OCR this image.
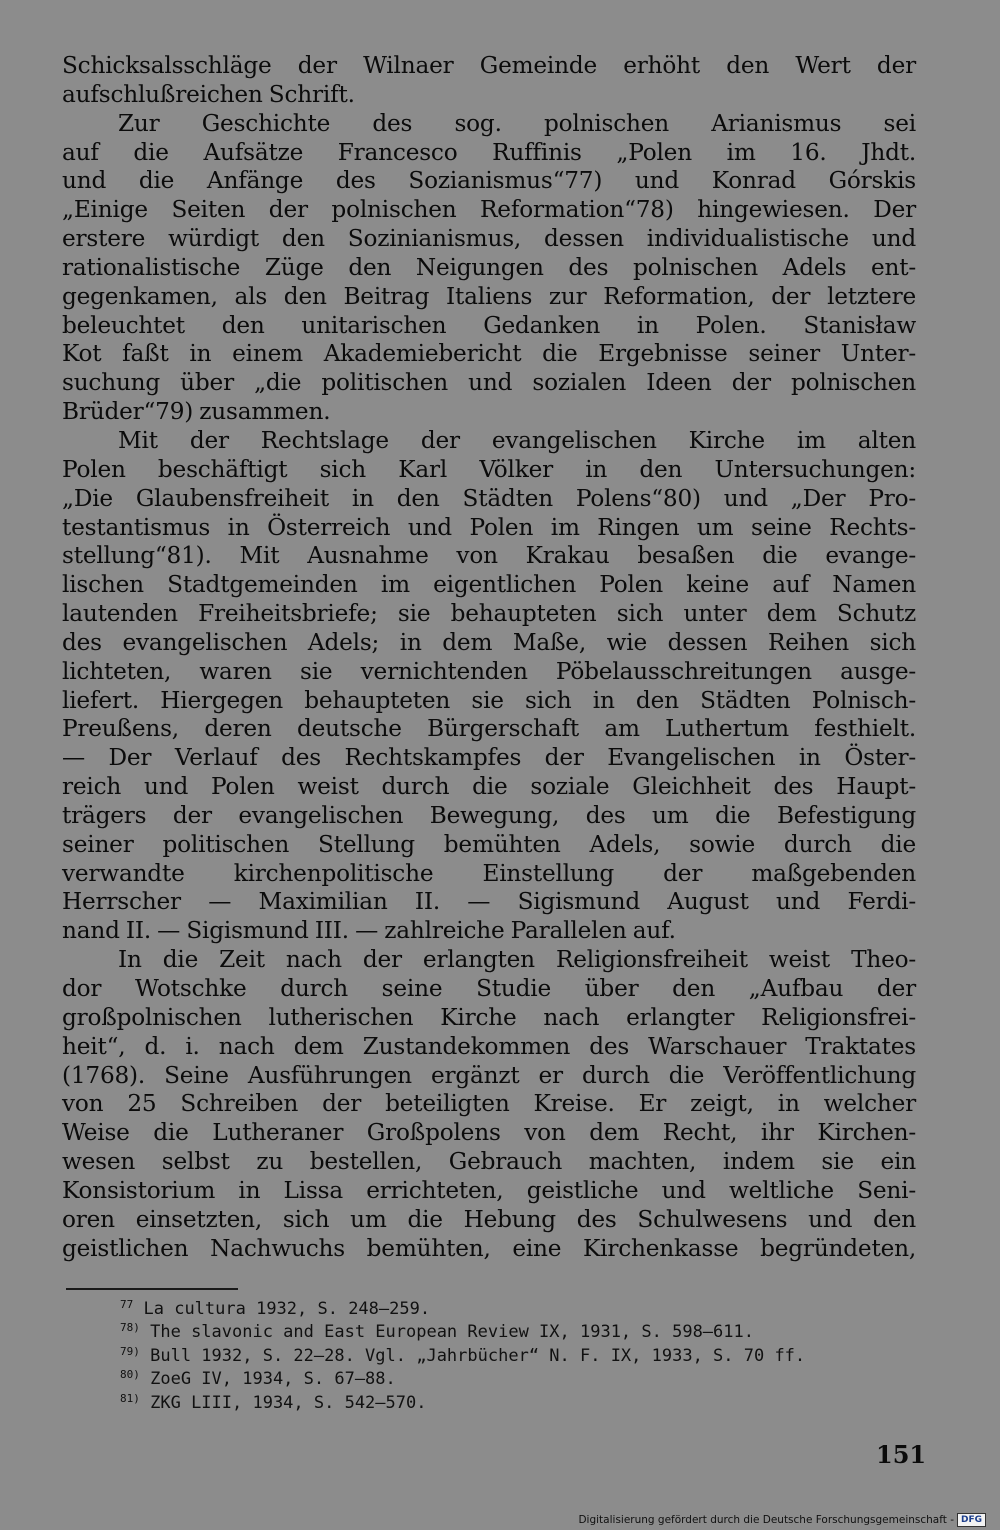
Schicksalsschläge der Wilnaer Gemeinde erhöht den Wert der
aufschlußreichen Schrift.

Zur Geschichte des sog. polnischen Arianismus sei
auf die Aufsätze Francesco Ruffinis „Polen im 16. Jhdt.
und die Anfänge des Sozianismus“77) und Konrad Górskis
„Einige Seiten der polnischen Reformation“78) hingewiesen. Der
erstere würdigt den Sozinianismus, dessen individualistische und
rationalistische Züge den Neigungen des polnischen Adels ent-
gegenkamen, als den Beitrag Italiens zur Reformation, der letztere
beleuchtet den unitarischen Gedanken in Polen. Stanisław
Kot faßt in einem Akademiebericht die Ergebnisse seiner Unter-
suchung über „die politischen und sozialen Ideen der polnischen
Brüder“79) zusammen.

Mit der Rechtslage der evangelischen Kirche im alten
Polen beschäftigt sich Karl Völker in den Untersuchungen:
„Die Glaubensfreiheit in den Städten Polens“80) und „Der Pro-
testantismus in Österreich und Polen im Ringen um seine Rechts-
stellung“81). Mit Ausnahme von Krakau besaßen die evange-
lischen Stadtgemeinden im eigentlichen Polen keine auf Namen
lautenden Freiheitsbriefe; sie behaupteten sich unter dem Schutz
des evangelischen Adels; in dem Maße, wie dessen Reihen sich
lichteten, waren sie vernichtenden Pöbelausschreitungen ausge-
liefert. Hiergegen behaupteten sie sich in den Städten Polnisch-
Preußens, deren deutsche Bürgerschaft am Luthertum festhielt.
— Der Verlauf des Rechtskampfes der Evangelischen in Öster-
reich und Polen weist durch die soziale Gleichheit des Haupt-
trägers der evangelischen Bewegung, des um die Befestigung
seiner politischen Stellung bemühten Adels, sowie durch die
verwandte kirchenpolitische Einstellung der maßgebenden
Herrscher — Maximilian II. — Sigismund August und Ferdi-
nand II. — Sigismund III. — zahlreiche Parallelen auf.

In die Zeit nach der erlangten Religionsfreiheit weist Theo-
dor Wotschke durch seine Studie über den „Aufbau der
großpolnischen lutherischen Kirche nach erlangter Religionsfrei-
heit“, d. i. nach dem Zustandekommen des Warschauer Traktates
(1768). Seine Ausführungen ergänzt er durch die Veröffentlichung
von 25 Schreiben der beteiligten Kreise. Er zeigt, in welcher
Weise die Lutheraner Großpolens von dem Recht, ihr Kirchen-
wesen selbst zu bestellen, Gebrauch machten, indem sie ein
Konsistorium in Lissa errichteten, geistliche und weltliche Seni-
oren einsetzten, sich um die Hebung des Schulwesens und den
geistlichen Nachwuchs bemühten, eine Kirchenkasse begründeten,

$^{77}$ La cultura 1932, S. 248—259.
$^{78)}$ The slavonic and East European Review IX, 1931, S. 598—611.
$^{79)}$ Bull 1932, S. 22—28. Vgl. „Jahrbücher“ N. F. IX, 1933, S. 70 ff.
$^{80)}$ ZoeG IV, 1934, S. 67—88.
$^{81)}$ ZKG LIII, 1934, S. 542—570.
151
Digitalisierung gefördert durch die Deutsche Forschungsgemeinschaft - DFG
